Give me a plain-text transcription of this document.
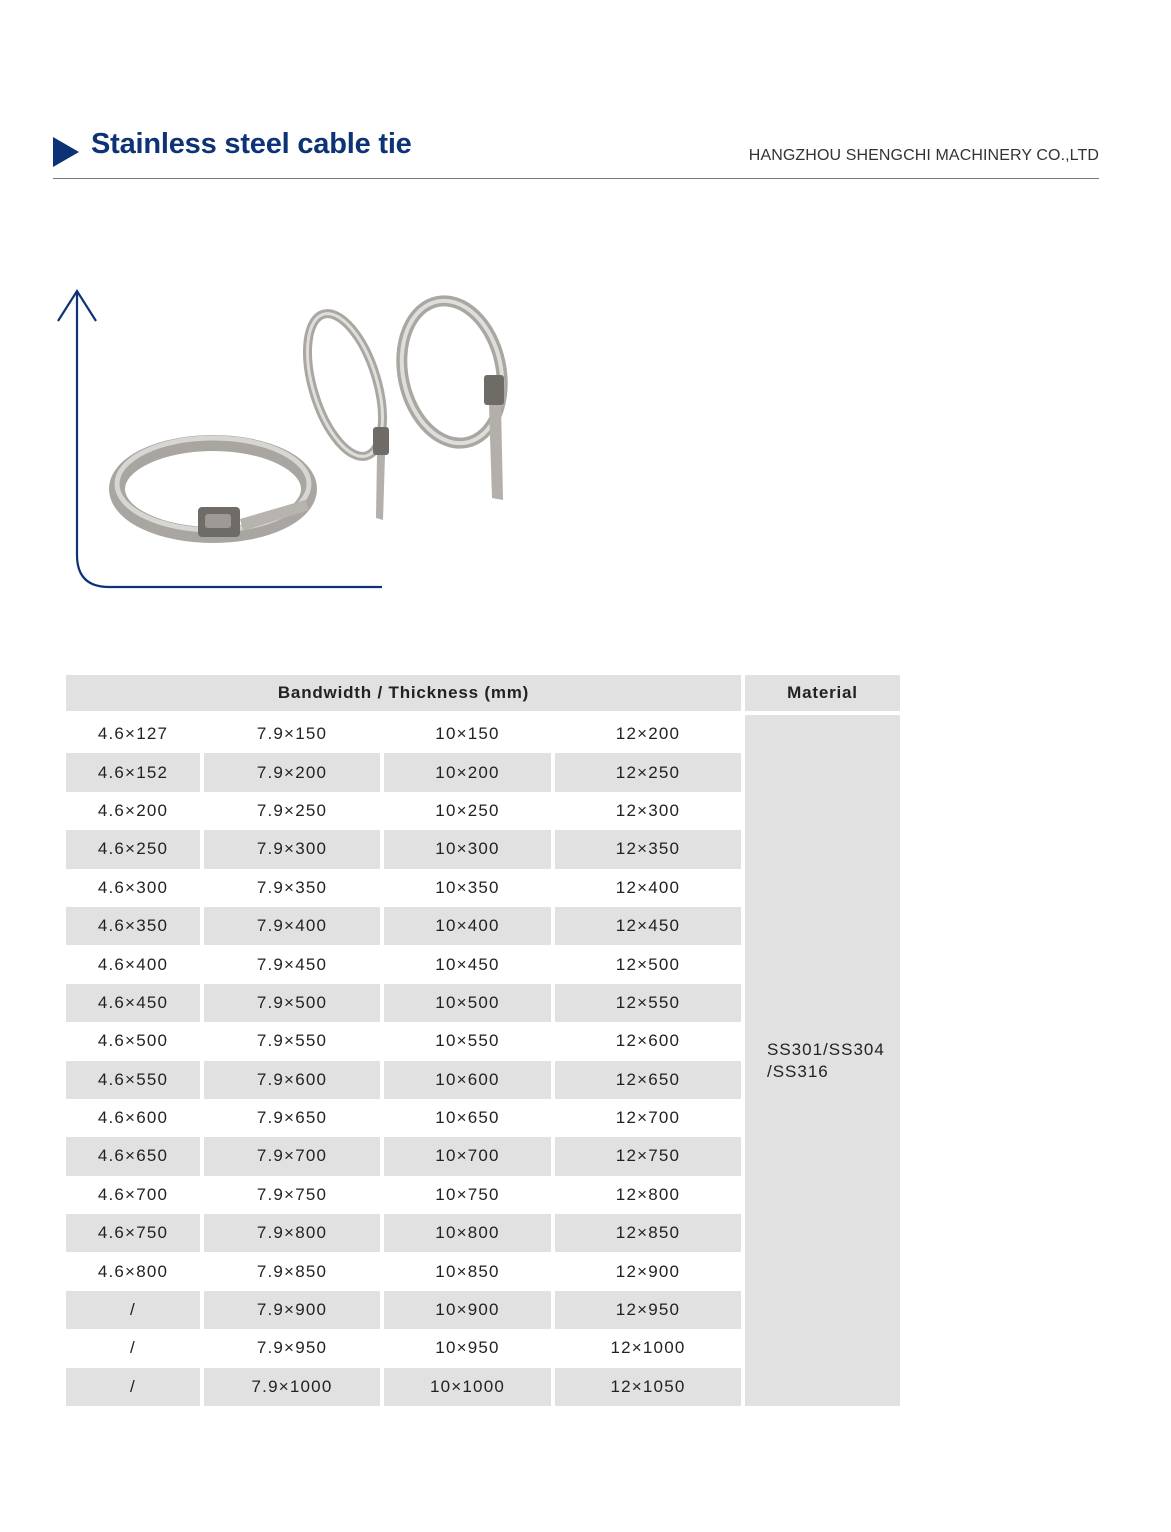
Stainless steel cable tie	HANGZHOU SHENGCHI MACHINERY CO.,LTD
Bandwidth / Thickness (mm)				Material
4.6×127	7.9×150	10×150	12×200	SS301/SS304
/SS316

4.6×152	7.9×200	10×200	12×250	
4.6×200	7.9×250	10×250	12×300	
4.6×250	7.9×300	10×300	12×350	
4.6×300	7.9×350	10×350	12×400	
4.6×350	7.9×400	10×400	12×450	
4.6×400	7.9×450	10×450	12×500	
4.6×450	7.9×500	10×500	12×550	
4.6×500	7.9×550	10×550	12×600	
4.6×550	7.9×600	10×600	12×650	
4.6×600	7.9×650	10×650	12×700	
4.6×650	7.9×700	10×700	12×750	
4.6×700	7.9×750	10×750	12×800	
4.6×750	7.9×800	10×800	12×850	
4.6×800	7.9×850	10×850	12×900	
/	7.9×900	10×900	12×950	
/	7.9×950	10×950	12×1000	
/	7.9×1000	10×1000	12×1050	
